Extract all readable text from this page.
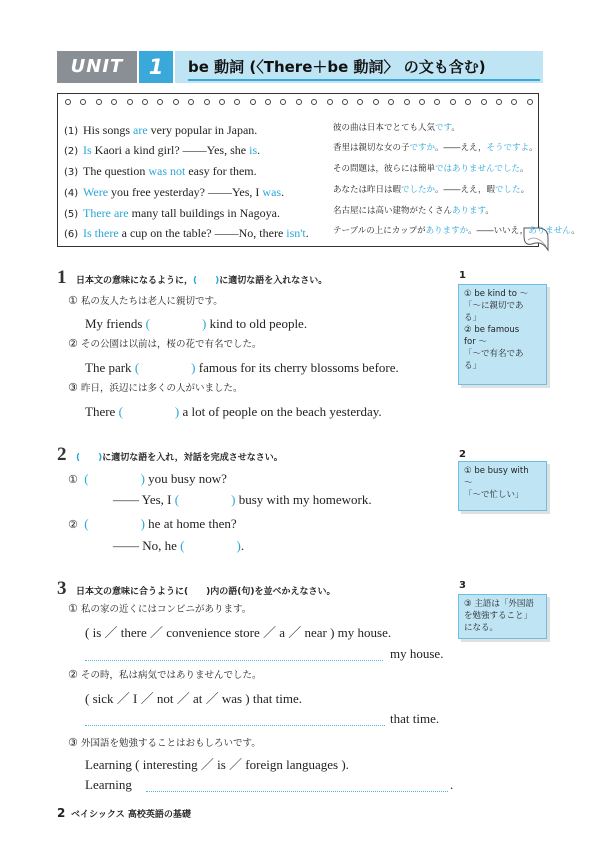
UNIT	1	be 動詞 (〈There＋be 動詞〉 の文も含む)
(1) His songs are very popular in Japan.	彼の曲は日本でとても人気です。
(2) Is Kaori a kind girl? ――Yes, she is.	香里は親切な女の子ですか。――ええ，そうですよ。
(3) The question was not easy for them.	その問題は，彼らには簡単ではありませんでした。
(4) Were you free yesterday? ――Yes, I was.	あなたは昨日は暇でしたか。――ええ，暇でした。
(5) There are many tall buildings in Nagoya.	名古屋には高い建物がたくさんあります。
(6) Is there a cup on the table? ――No, there isn't.	テーブルの上にカップがありますか。――いいえ，ありません。
1 日本文の意味になるように，(　　)に適切な語を入れなさい。
① 私の友人たちは老人に親切です。
My friends (　　　　) kind to old people.
② その公園は以前は，桜の花で有名でした。
The park (　　　　) famous for its cherry blossoms before.
③ 昨日，浜辺には多くの人がいました。
There (　　　　) a lot of people on the beach yesterday.
2 (　　)に適切な語を入れ，対話を完成させなさい。
① (　　　　) you busy now?
―― Yes, I (　　　　) busy with my homework.
② (　　　　) he at home then?
―― No, he (　　　　).
3 日本文の意味に合うように(　　)内の語(句)を並べかえなさい。
① 私の家の近くにはコンビニがあります。
( is ／ there ／ convenience store ／ a ／ near ) my house.
my house.
② その時，私は病気ではありませんでした。
( sick ／ I ／ not ／ at ／ was ) that time.
that time.
③ 外国語を勉強することはおもしろいです。
Learning ( interesting ／ is ／ foreign languages ).
Learning	.
1
① be kind to ～
「～に親切であ
る」
② be famous
for ～
「～で有名であ
る」
2
① be busy with
～
「～で忙しい」
3
③ 主語は「外国語
を勉強すること」
になる。
2 ベイシックス 高校英語の基礎
